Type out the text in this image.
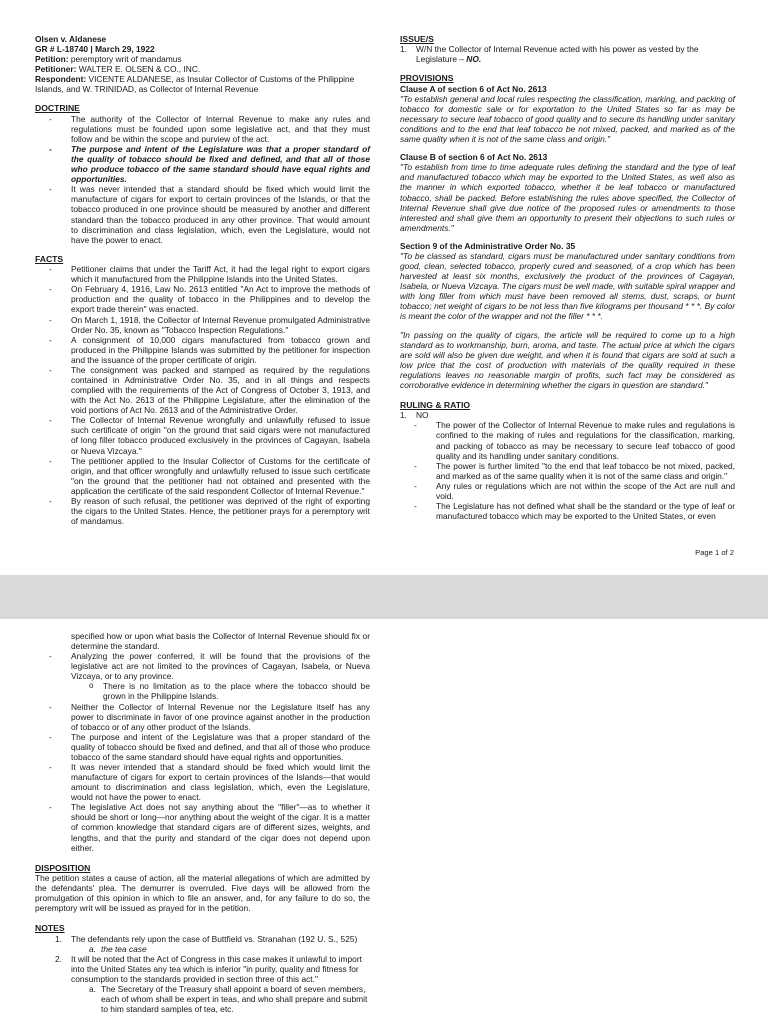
Olsen v. Aldanese

GR # L-18740 | March 29, 1922

Petition: peremptory writ of mandamus

Petitioner: WALTER E. OLSEN & CO., INC.

Respondent: VICENTE ALDANESE, as Insular Collector of Customs of the Philippine Islands, and W. TRINIDAD, as Collector of Internal Revenue

DOCTRINE
- The authority of the Collector of Internal Revenue to make any rules and regulations must be founded upon some legislative act, and that they must follow and be within the scope and purview of the act.
- The purpose and intent of the Legislature was that a proper standard of the quality of tobacco should be fixed and defined, and that all of those who produce tobacco of the same standard should have equal rights and opportunities.
- It was never intended that a standard should be fixed which would limit the manufacture of cigars for export to certain provinces of the Islands, or that the tobacco produced in one province should be measured by another and different standard than the tobacco produced in any other province. That would amount to discrimination and class legislation, which, even the Legislature, would not have the power to enact.
FACTS
- Petitioner claims that under the Tariff Act, it had the legal right to export cigars which it manufactured from the Philippine Islands into the United States.
- On February 4, 1916, Law No. 2613 entitled "An Act to improve the methods of production and the quality of tobacco in the Philippines and to develop the export trade therein" was enacted.
- On March 1, 1918, the Collector of Internal Revenue promulgated Administrative Order No. 35, known as "Tobacco Inspection Regulations."
- A consignment of 10,000 cigars manufactured from tobacco grown and produced in the Philippine Islands was submitted by the petitioner for inspection and the issuance of the proper certificate of origin.
- The consignment was packed and stamped as required by the regulations contained in Administrative Order No. 35, and in all things and respects complied with the requirements of the Act of Congress of October 3, 1913, and with the Act No. 2613 of the Philippine Legislature, after the elimination of the void portions of Act No. 2613 and of the Administrative Order.
- The Collector of Internal Revenue wrongfully and unlawfully refused to issue such certificate of origin "on the ground that said cigars were not manufactured of long filler tobacco produced exclusively in the provinces of Cagayan, Isabela or Nueva Vizcaya."
- The petitioner applied to the Insular Collector of Customs for the certificate of origin, and that officer wrongfully and unlawfully refused to issue such certificate "on the ground that the petitioner had not obtained and presented with the application the certificate of the said respondent Collector of Internal Revenue."
- By reason of such refusal, the petitioner was deprived of the right of exporting the cigars to the United States. Hence, the petitioner prays for a peremptory writ of mandamus.
ISSUE/S
1. W/N the Collector of Internal Revenue acted with his power as vested by the Legislature – NO.
PROVISIONS
Clause A of section 6 of Act No. 2613

"To establish general and local rules respecting the classification, marking, and packing of tobacco for domestic sale or for exportation to the United States so far as may be necessary to secure leaf tobacco of good quality and to secure its handling under sanitary conditions and to the end that leaf tobacco be not mixed, packed, and marked as of the same quality when it is not of the same class and origin."

Clause B of section 6 of Act No. 2613

"To establish from time to time adequate rules defining the standard and the type of leaf and manufactured tobacco which may be exported to the United States, as well also as the manner in which exported tobacco, whether it be leaf tobacco or manufactured tobacco, shall be packed. Before establishing the rules above specified, the Collector of Internal Revenue shall give due notice of the proposed rules or amendments to those interested and shall give them an opportunity to present their objections to such rules or amendments."

Section 9 of the Administrative Order No. 35

"To be classed as standard, cigars must be manufactured under sanitary conditions from good, clean, selected tobacco, properly cured and seasoned, of a crop which has been harvested at least six months, exclusively the product of the provinces of Cagayan, Isabela, or Nueva Vizcaya. The cigars must be well made, with suitable spiral wrapper and with long filler from which must have been removed all stems, dust, scraps, or burnt tobacco; net weight of cigars to be not less than five kilograms per thousand * * *. By color is meant the color of the wrapper and not the filler * * *.

"In passing on the quality of cigars, the article will be required to come up to a high standard as to workmanship, burn, aroma, and taste. The actual price at which the cigars are sold will also be given due weight, and when it is found that cigars are sold at such a low price that the cost of production with materials of the quality required in these regulations leaves no reasonable margin of profits, such fact may be considered as corroborative evidence in determining whether the cigars in question are standard."

RULING & RATIO
1. NO
- The power of the Collector of Internal Revenue to make rules and regulations is confined to the making of rules and regulations for the classification, marking, and packing of tobacco as may be necessary to secure leaf tobacco of good quality and its handling under sanitary conditions.
- The power is further limited "to the end that leaf tobacco be not mixed, packed, and marked as of the same quality when it is not of the same class and origin."
- Any rules or regulations which are not within the scope of the Act are null and void.
- The Legislature has not defined what shall be the standard or the type of leaf or manufactured tobacco which may be exported to the United States, or even
Page 1 of 2

specified how or upon what basis the Collector of Internal Revenue should fix or determine the standard.

- Analyzing the power conferred, it will be found that the provisions of the legislative act are not limited to the provinces of Cagayan, Isabela, or Nueva Vizcaya, or to any province.
o There is no limitation as to the place where the tobacco should be grown in the Philippine Islands.
- Neither the Collector of Internal Revenue nor the Legislature itself has any power to discriminate in favor of one province against another in the production of tobacco or of any other product of the Islands.
- The purpose and intent of the Legislature was that a proper standard of the quality of tobacco should be fixed and defined, and that all of those who produce tobacco of the same standard should have equal rights and opportunities.
- It was never intended that a standard should be fixed which would limit the manufacture of cigars for export to certain provinces of the Islands—that would amount to discrimination and class legislation, which, even the Legislature, would not have the power to enact.
- The legislative Act does not say anything about the "filler"—as to whether it should be short or long—nor anything about the weight of the cigar. It is a matter of common knowledge that standard cigars are of different sizes, weights, and lengths, and that the purity and standard of the cigar does not depend upon either.
DISPOSITION

The petition states a cause of action, all the material allegations of which are admitted by the defendants' plea. The demurrer is overruled. Five days will be allowed from the promulgation of this opinion in which to file an answer, and, for any failure to do so, the peremptory writ will be issued as prayed for in the petition.

NOTES
1. The defendants rely upon the case of Buttfield vs. Stranahan (192 U. S., 525)
a. the tea case
2. It will be noted that the Act of Congress in this case makes it unlawful to import into the United States any tea which is inferior "in purity, quality and fitness for consumption to the standards provided in section three of this act."
a. The Secretary of the Treasury shall appoint a board of seven members, each of whom shall be expert in teas, and who shall prepare and submit to him standard samples of tea, etc.
